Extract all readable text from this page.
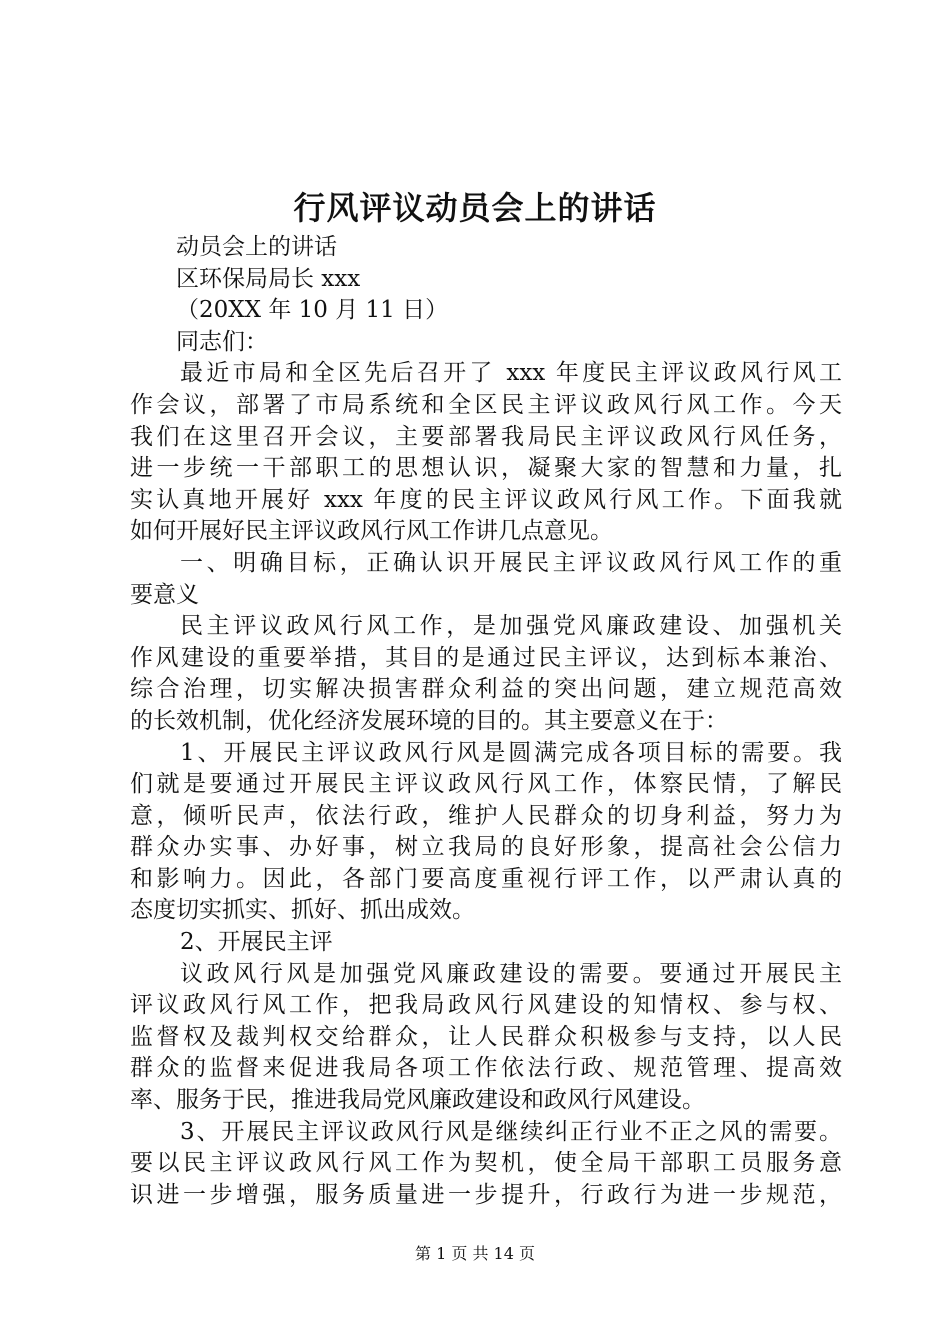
行风评议动员会上的讲话
动员会上的讲话
区环保局局长 xxx
（20XX 年 10 月 11 日）
同志们：
最近市局和全区先后召开了 xxx 年度民主评议政风行风工
作会议，部署了市局系统和全区民主评议政风行风工作。今天
我们在这里召开会议，主要部署我局民主评议政风行风任务，
进一步统一干部职工的思想认识，凝聚大家的智慧和力量，扎
实认真地开展好 xxx 年度的民主评议政风行风工作。下面我就
如何开展好民主评议政风行风工作讲几点意见。
一、明确目标，正确认识开展民主评议政风行风工作的重
要意义
民主评议政风行风工作，是加强党风廉政建设、加强机关
作风建设的重要举措，其目的是通过民主评议，达到标本兼治、
综合治理，切实解决损害群众利益的突出问题，建立规范高效
的长效机制，优化经济发展环境的目的。其主要意义在于：
1、开展民主评议政风行风是圆满完成各项目标的需要。我
们就是要通过开展民主评议政风行风工作，体察民情，了解民
意，倾听民声，依法行政，维护人民群众的切身利益，努力为
群众办实事、办好事，树立我局的良好形象，提高社会公信力
和影响力。因此，各部门要高度重视行评工作，以严肃认真的
态度切实抓实、抓好、抓出成效。
2、开展民主评
议政风行风是加强党风廉政建设的需要。要通过开展民主
评议政风行风工作，把我局政风行风建设的知情权、参与权、
监督权及裁判权交给群众，让人民群众积极参与支持，以人民
群众的监督来促进我局各项工作依法行政、规范管理、提高效
率、服务于民，推进我局党风廉政建设和政风行风建设。
3、开展民主评议政风行风是继续纠正行业不正之风的需要。
要以民主评议政风行风工作为契机，使全局干部职工员服务意
识进一步增强，服务质量进一步提升，行政行为进一步规范，
第 1 页 共 14 页
